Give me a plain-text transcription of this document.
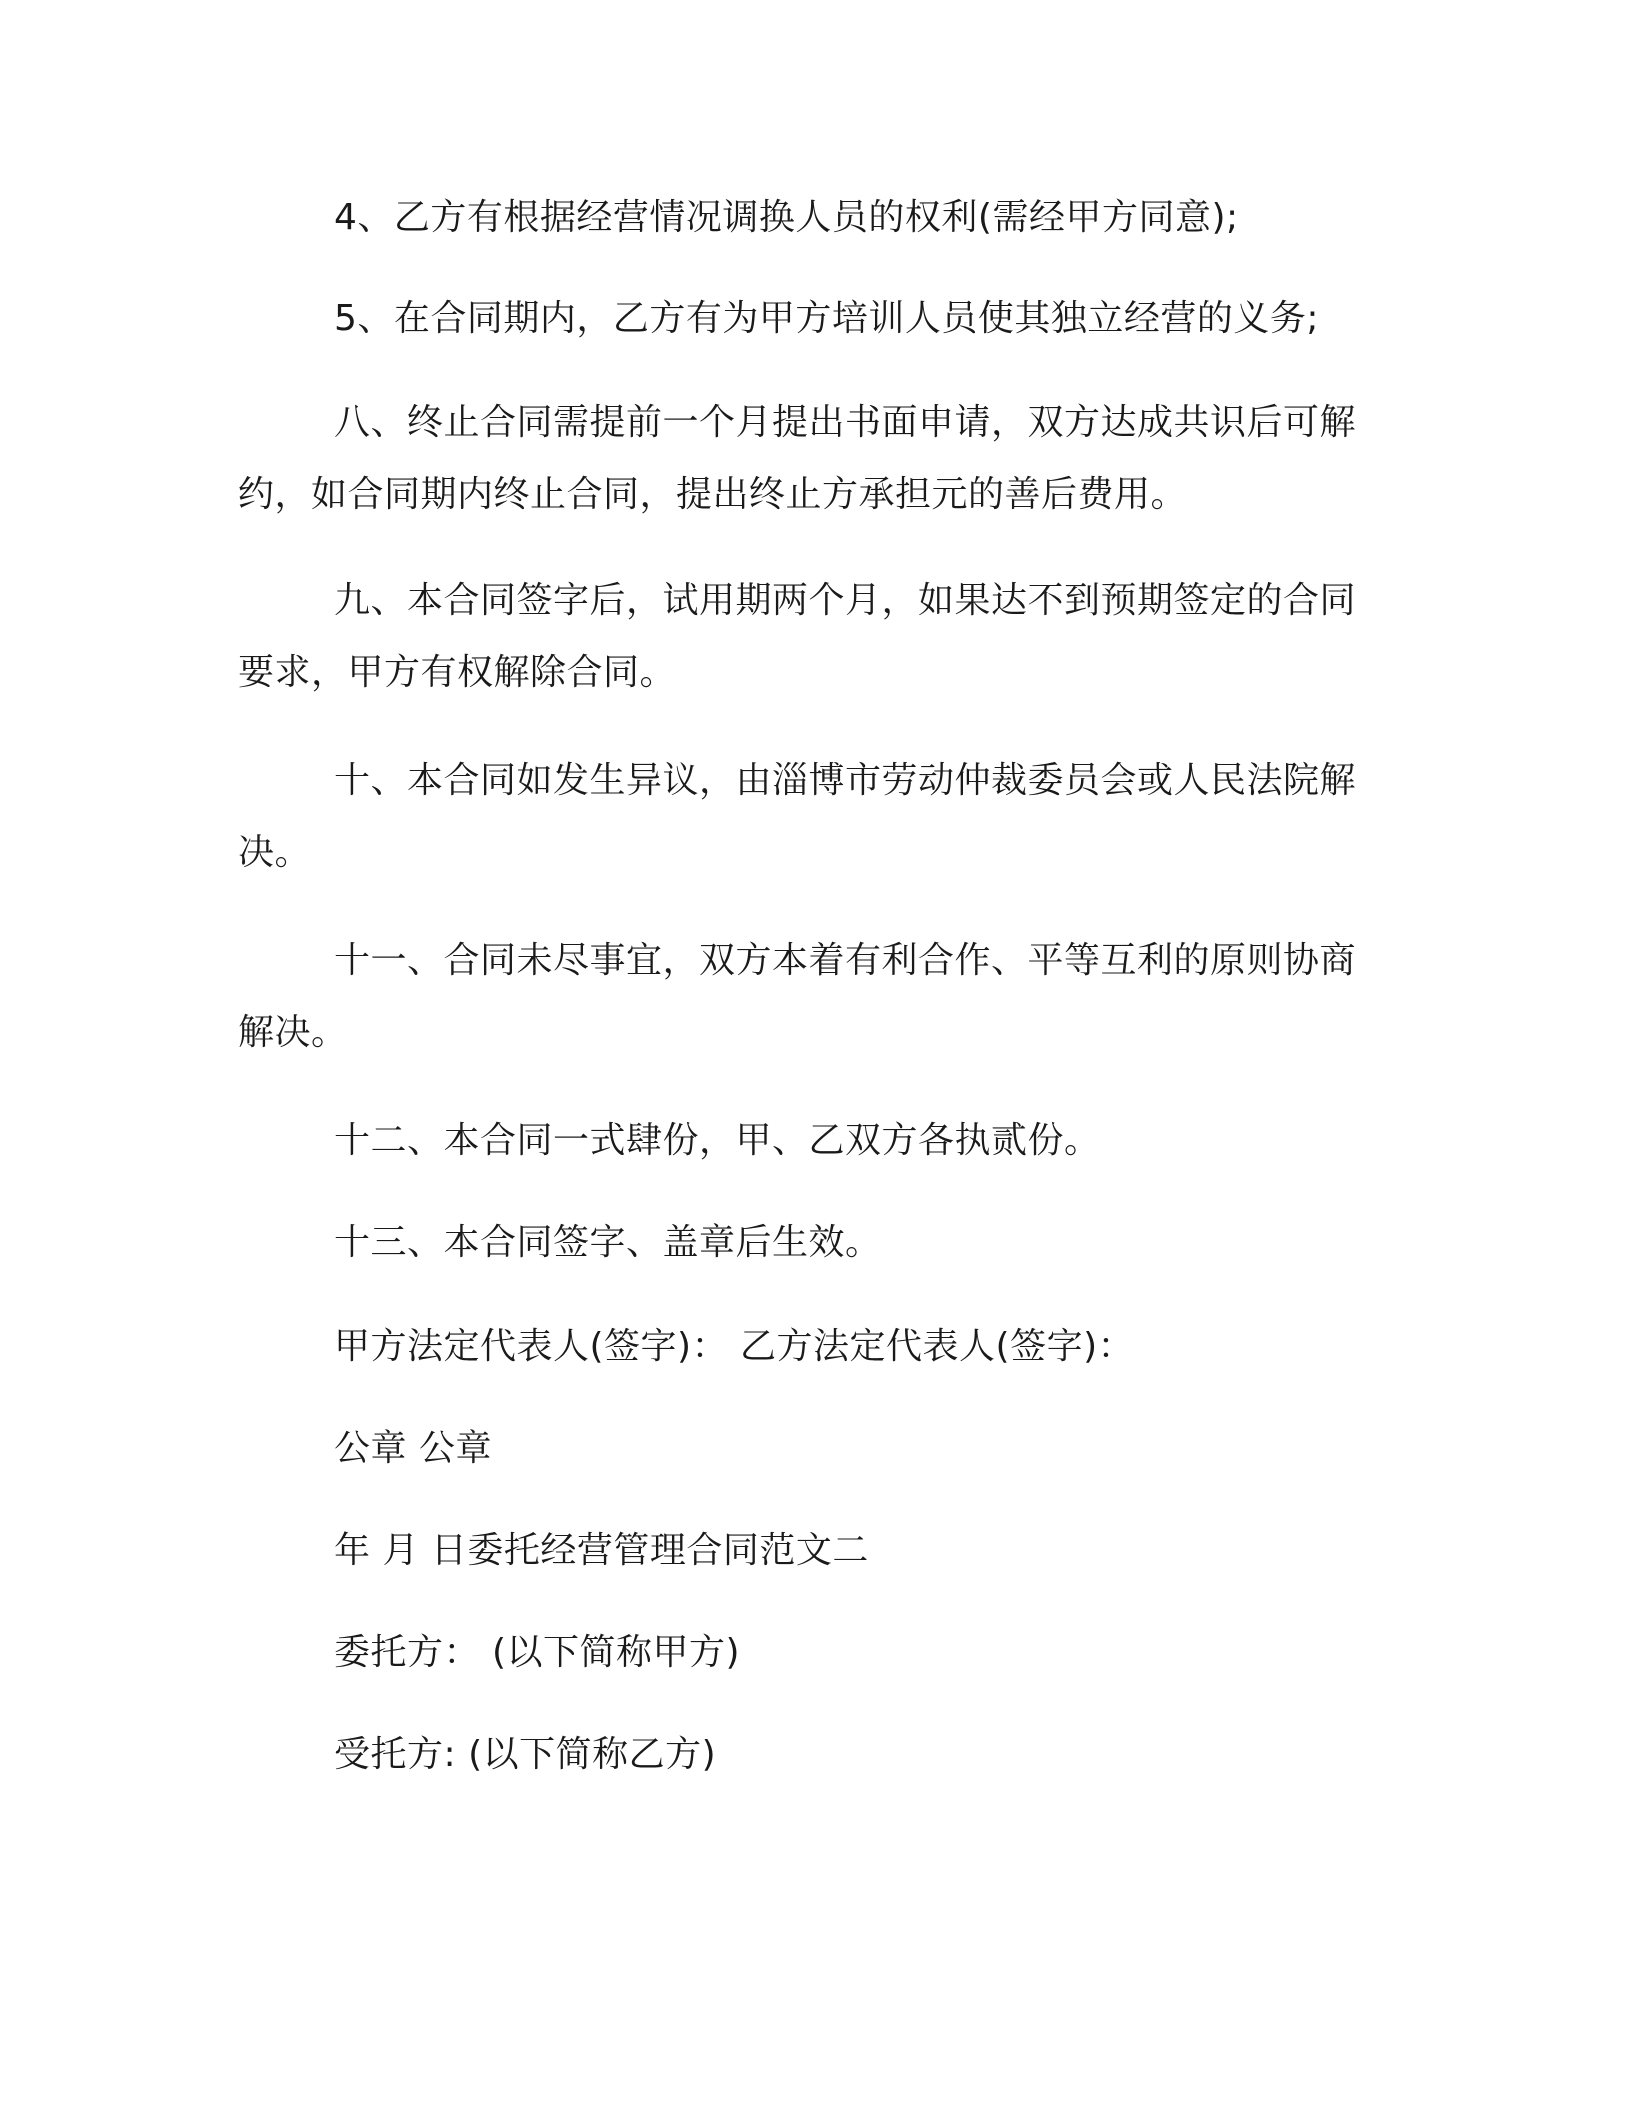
4、乙方有根据经营情况调换人员的权利(需经甲方同意);
5、在合同期内，乙方有为甲方培训人员使其独立经营的义务;
八、终止合同需提前一个月提出书面申请，双方达成共识后可解约，如合同期内终止合同，提出终止方承担元的善后费用。
九、本合同签字后，试用期两个月，如果达不到预期签定的合同要求，甲方有权解除合同。
十、本合同如发生异议，由淄博市劳动仲裁委员会或人民法院解决。
十一、合同未尽事宜，双方本着有利合作、平等互利的原则协商解决。
十二、本合同一式肆份，甲、乙双方各执贰份。
十三、本合同签字、盖章后生效。
甲方法定代表人(签字)： 乙方法定代表人(签字)：
公章 公章
年 月 日委托经营管理合同范文二
委托方： (以下简称甲方)
受托方: (以下简称乙方)
